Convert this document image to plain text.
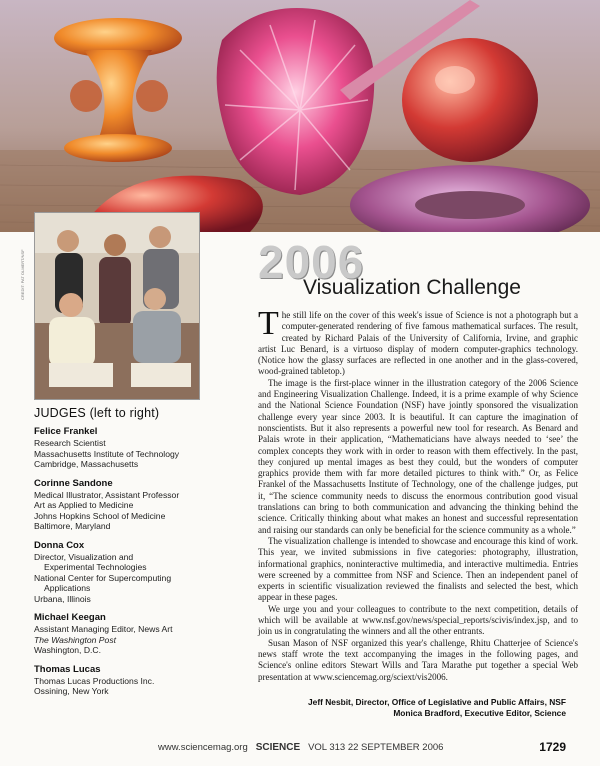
CREDIT: PAT OLMERT/NSF
JUDGES (left to right)
Felice Frankel
Research Scientist
Massachusetts Institute of Technology
Cambridge, Massachusetts
Corinne Sandone
Medical Illustrator, Assistant Professor
Art as Applied to Medicine
Johns Hopkins School of Medicine
Baltimore, Maryland
Donna Cox
Director, Visualization and
Experimental Technologies
National Center for Supercomputing
Applications
Urbana, Illinois
Michael Keegan
Assistant Managing Editor, News Art
The Washington Post
Washington, D.C.
Thomas Lucas
Thomas Lucas Productions Inc.
Ossining, New York
2006
Visualization Challenge

The still life on the cover of this week's issue of Science is not a photograph but a computer-generated rendering of five famous mathematical surfaces. The result, created by Richard Palais of the University of California, Irvine, and graphic artist Luc Benard, is a virtuoso display of modern computer-graphics technology. (Notice how the glassy surfaces are reflected in one another and in the glass-covered, wood-grained tabletop.)

The image is the first-place winner in the illustration category of the 2006 Science and Engineering Visualization Challenge. Indeed, it is a prime example of why Science and the National Science Foundation (NSF) have jointly sponsored the visualization challenge every year since 2003. It is beautiful. It can capture the imagination of nonscientists. But it also represents a powerful new tool for research. As Benard and Palais wrote in their application, “Mathematicians have always needed to ‘see’ the complex concepts they work with in order to reason with them effectively. In the past, they conjured up mental images as best they could, but the wonders of computer graphics provide them with far more detailed pictures to think with.” Or, as Felice Frankel of the Massachusetts Institute of Technology, one of the challenge judges, put it, “The science community needs to discuss the enormous contribution good visual translations can bring to both communication and advancing the thinking behind the science. Critically thinking about what makes an honest and successful representation and raising our standards can only be beneficial for the science community as a whole.”

The visualization challenge is intended to showcase and encourage this kind of work. This year, we invited submissions in five categories: photography, illustration, informational graphics, noninteractive multimedia, and interactive multimedia. Entries were screened by a committee from NSF and Science. Then an independent panel of experts in scientific visualization reviewed the finalists and selected the best, which appear in these pages.

We urge you and your colleagues to contribute to the next competition, details of which will be available at www.nsf.gov/news/special_reports/scivis/index.jsp, and to join us in congratulating the winners and all the other entrants.

Susan Mason of NSF organized this year's challenge, Rhitu Chatterjee of Science's news staff wrote the text accompanying the images in the following pages, and Science's online editors Stewart Wills and Tara Marathe put together a special Web presentation at www.sciencemag.org/sciext/vis2006.

Jeff Nesbit, Director, Office of Legislative and Public Affairs, NSF
Monica Bradford, Executive Editor, Science
www.sciencemag.org SCIENCE VOL 313 22 SEPTEMBER 2006	1729
